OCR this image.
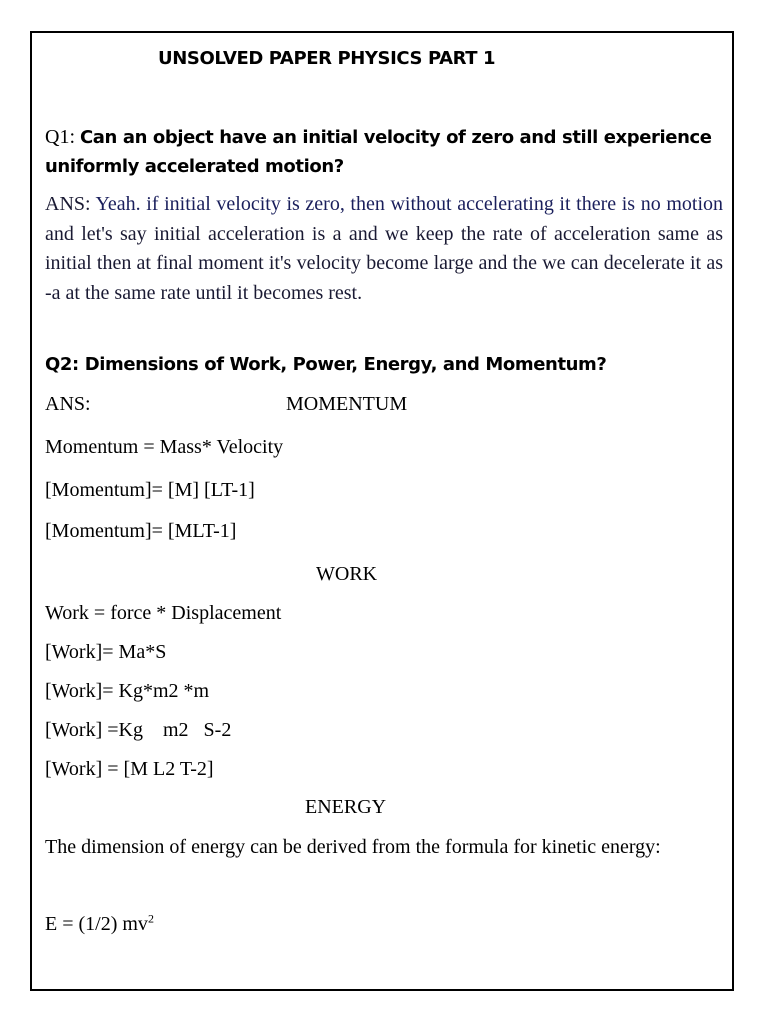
UNSOLVED PAPER PHYSICS PART 1
Q1: Can an object have an initial velocity of zero and still experience uniformly accelerated motion?
ANS: Yeah. if initial velocity is zero, then without accelerating it there is no motion and let's say initial acceleration is a and we keep the rate of acceleration same as initial then at final moment it's velocity become large and the we can decelerate it as -a at the same rate until it becomes rest.
Q2: Dimensions of Work, Power, Energy, and Momentum?
ANS:	MOMENTUM
Momentum = Mass* Velocity
[Momentum]= [M] [LT-1]
[Momentum]= [MLT-1]
WORK
Work = force * Displacement
[Work]= Ma*S
[Work]= Kg*m2 *m
[Work] =Kg    m2   S-2
[Work] = [M L2 T-2]
ENERGY
The dimension of energy can be derived from the formula for kinetic energy:
E = (1/2) $mv^2$
